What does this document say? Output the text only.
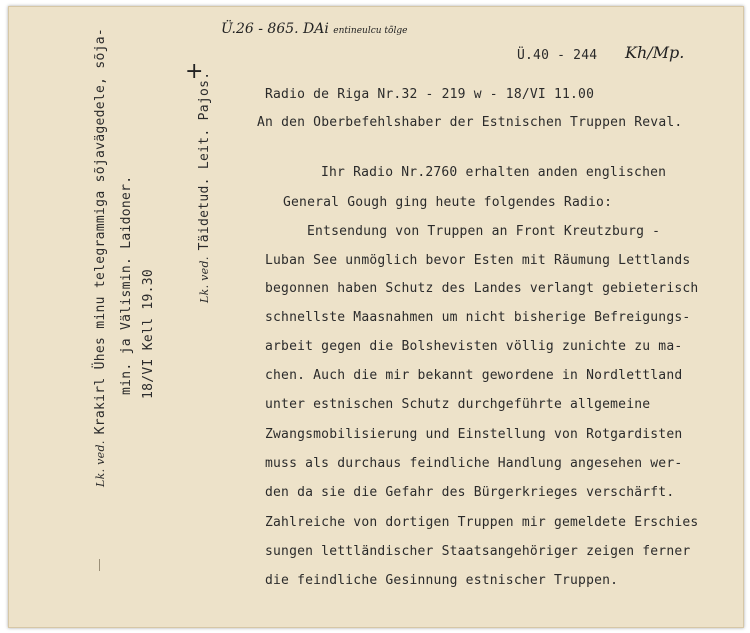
Ü.26 - 865. DAi entineulcu tõlge
Ü.40 - 244 Kh/Mp.
+
Lk. ved.Krakirl Ühes minu telegrammiga sõjavägedele, sõja- min. ja Välismin. Laidoner. 18/VI Kell 19.30	Lk. ved.Täidetud. Leit. Pajos.	Radio de Riga Nr.32 - 219 w - 18/VI 11.00
An den Oberbefehlshaber der Estnischen Truppen Reval.
Ihr Radio Nr.2760 erhalten anden englischen
General Gough ging heute folgendes Radio:
Entsendung von Truppen an Front Kreutzburg -
Luban See unmöglich bevor Esten mit Räumung Lettlands
begonnen haben Schutz des Landes verlangt gebieterisch
schnellste Maasnahmen um nicht bisherige Befreigungs-
arbeit gegen die Bolshevisten völlig zunichte zu ma-
chen. Auch die mir bekannt gewordene in Nordlettland
unter estnischen Schutz durchgeführte allgemeine
Zwangsmobilisierung und Einstellung von Rotgardisten
muss als durchaus feindliche Handlung angesehen wer-
den da sie die Gefahr des Bürgerkrieges verschärft.
Zahlreiche von dortigen Truppen mir gemeldete Erschies
sungen lettländischer Staatsangehöriger zeigen ferner
die feindliche Gesinnung estnischer Truppen.
